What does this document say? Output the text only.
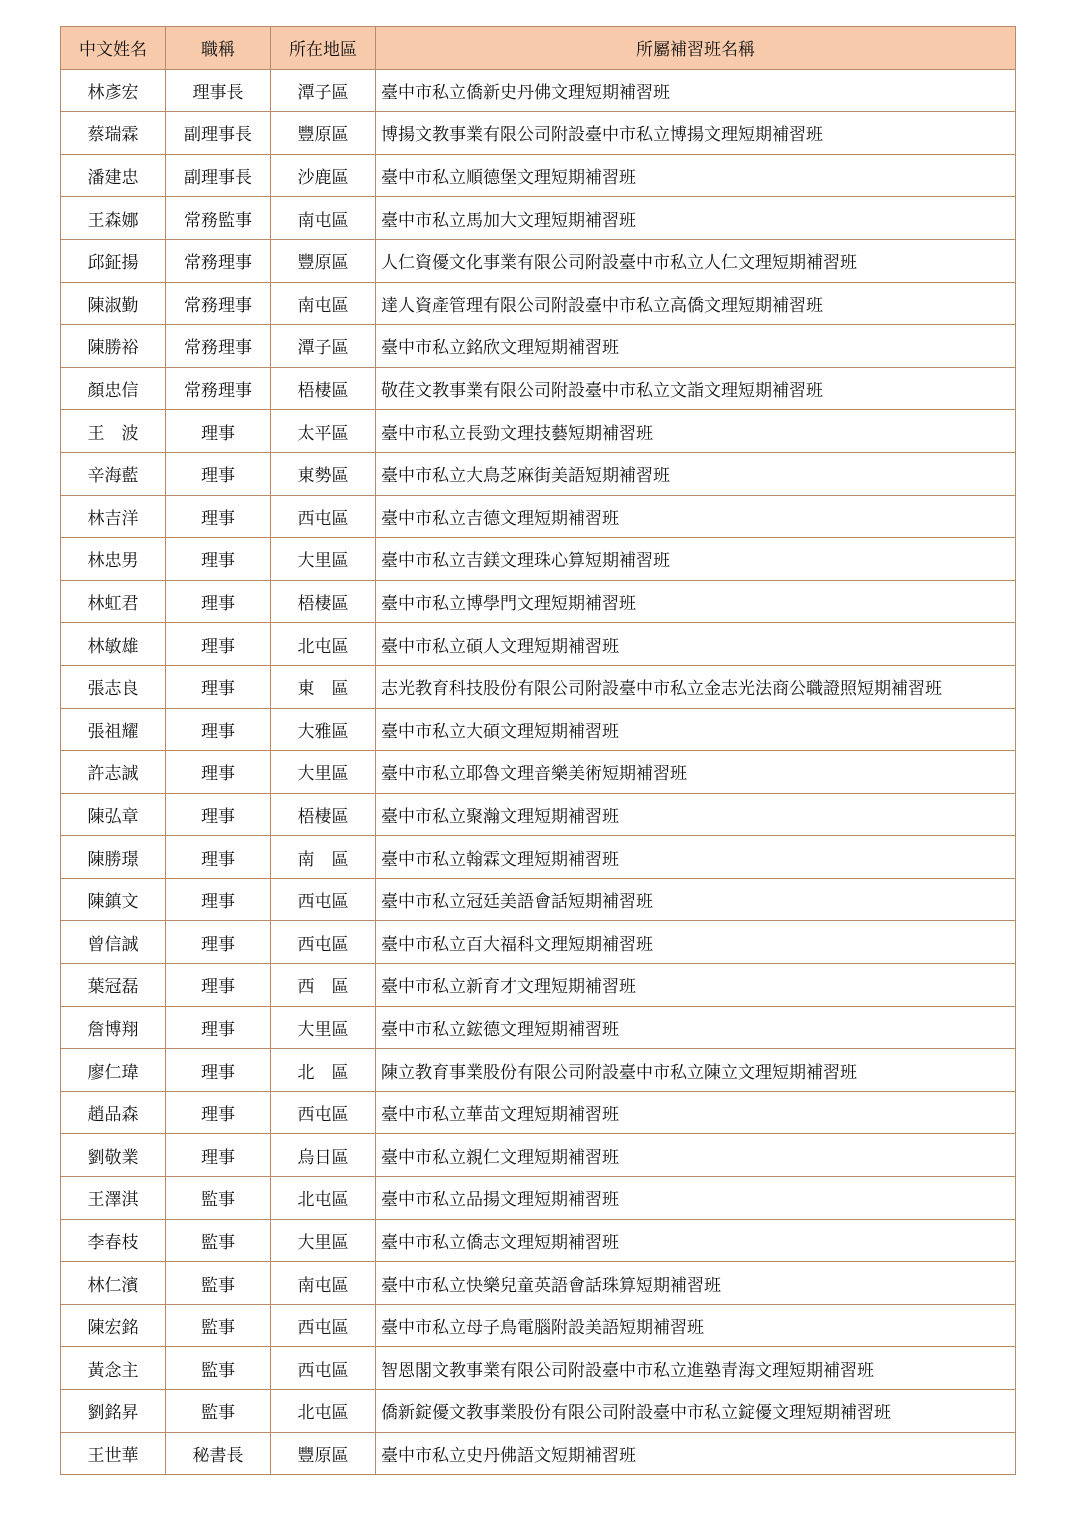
中文姓名	職稱	所在地區	所屬補習班名稱
林彥宏	理事長	潭子區	臺中市私立僑新史丹佛文理短期補習班
蔡瑞霖	副理事長	豐原區	博揚文教事業有限公司附設臺中市私立博揚文理短期補習班
潘建忠	副理事長	沙鹿區	臺中市私立順德堡文理短期補習班
王森娜	常務監事	南屯區	臺中市私立馬加大文理短期補習班
邱鉦揚	常務理事	豐原區	人仁資優文化事業有限公司附設臺中市私立人仁文理短期補習班
陳淑勤	常務理事	南屯區	達人資產管理有限公司附設臺中市私立高僑文理短期補習班
陳勝裕	常務理事	潭子區	臺中市私立銘欣文理短期補習班
顏忠信	常務理事	梧棲區	敬荏文教事業有限公司附設臺中市私立文詣文理短期補習班
王　波	理事	太平區	臺中市私立長勁文理技藝短期補習班
辛海藍	理事	東勢區	臺中市私立大鳥芝麻街美語短期補習班
林吉洋	理事	西屯區	臺中市私立吉德文理短期補習班
林忠男	理事	大里區	臺中市私立吉鎂文理珠心算短期補習班
林虹君	理事	梧棲區	臺中市私立博學門文理短期補習班
林敏雄	理事	北屯區	臺中市私立碩人文理短期補習班
張志良	理事	東　區	志光教育科技股份有限公司附設臺中市私立金志光法商公職證照短期補習班
張祖耀	理事	大雅區	臺中市私立大碩文理短期補習班
許志誠	理事	大里區	臺中市私立耶魯文理音樂美術短期補習班
陳弘章	理事	梧棲區	臺中市私立聚瀚文理短期補習班
陳勝璟	理事	南　區	臺中市私立翰霖文理短期補習班
陳鎮文	理事	西屯區	臺中市私立冠廷美語會話短期補習班
曾信誠	理事	西屯區	臺中市私立百大福科文理短期補習班
葉冠磊	理事	西　區	臺中市私立新育才文理短期補習班
詹博翔	理事	大里區	臺中市私立鋐德文理短期補習班
廖仁瑋	理事	北　區	陳立教育事業股份有限公司附設臺中市私立陳立文理短期補習班
趙品森	理事	西屯區	臺中市私立華苗文理短期補習班
劉敬業	理事	烏日區	臺中市私立親仁文理短期補習班
王澤淇	監事	北屯區	臺中市私立品揚文理短期補習班
李春枝	監事	大里區	臺中市私立僑志文理短期補習班
林仁濱	監事	南屯區	臺中市私立快樂兒童英語會話珠算短期補習班
陳宏銘	監事	西屯區	臺中市私立母子鳥電腦附設美語短期補習班
黃念主	監事	西屯區	智恩閣文教事業有限公司附設臺中市私立進塾青海文理短期補習班
劉銘昇	監事	北屯區	僑新錠優文教事業股份有限公司附設臺中市私立錠優文理短期補習班
王世華	秘書長	豐原區	臺中市私立史丹佛語文短期補習班
